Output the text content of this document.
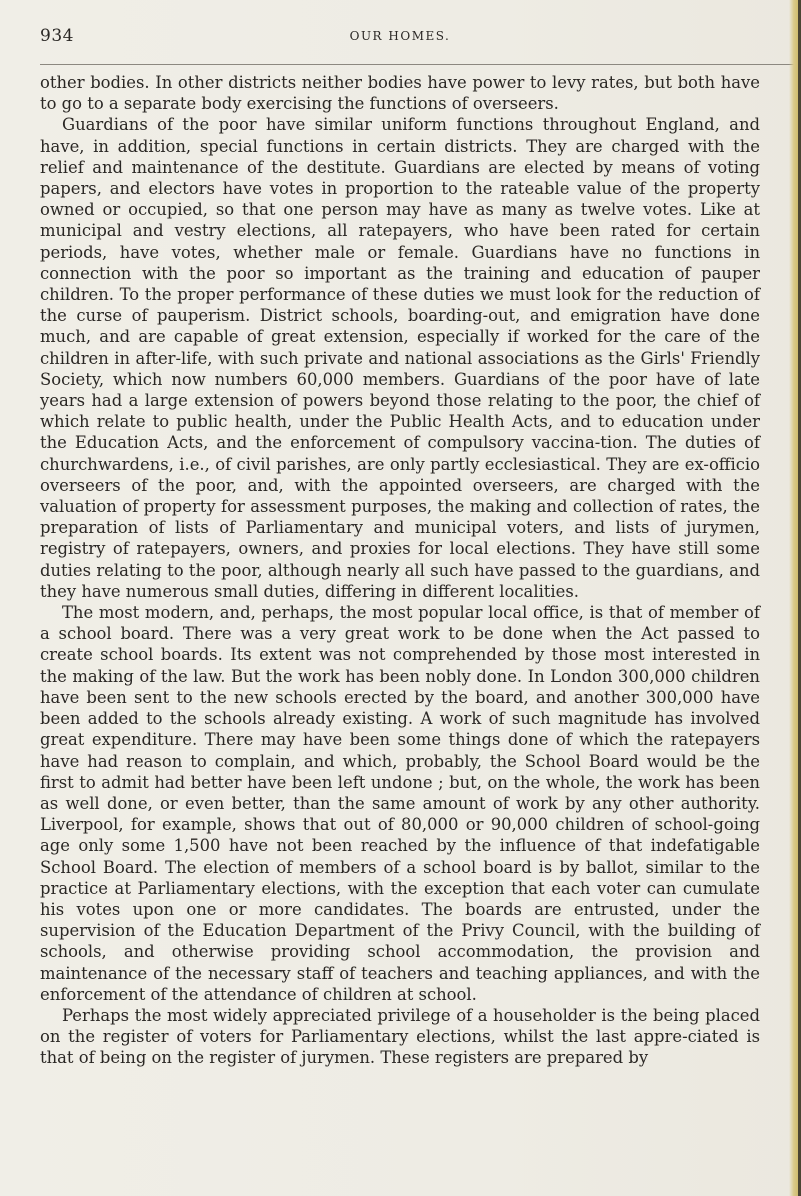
934	OUR HOMES.

other bodies. In other districts neither bodies have power to levy rates, but both have to go to a separate body exercising the functions of overseers.

Guardians of the poor have similar uniform functions throughout England, and have, in addition, special functions in certain districts. They are charged with the relief and maintenance of the destitute. Guardians are elected by means of voting papers, and electors have votes in proportion to the rateable value of the property owned or occupied, so that one person may have as many as twelve votes. Like at municipal and vestry elections, all ratepayers, who have been rated for certain periods, have votes, whether male or female. Guardians have no functions in connection with the poor so important as the training and education of pauper children. To the proper performance of these duties we must look for the reduction of the curse of pauperism. District schools, boarding-out, and emigration have done much, and are capable of great extension, especially if worked for the care of the children in after-life, with such private and national associations as the Girls' Friendly Society, which now numbers 60,000 members. Guardians of the poor have of late years had a large extension of powers beyond those relating to the poor, the chief of which relate to public health, under the Public Health Acts, and to education under the Education Acts, and the enforcement of compulsory vaccina-tion. The duties of churchwardens, i.e., of civil parishes, are only partly ecclesiastical. They are ex-officio overseers of the poor, and, with the appointed overseers, are charged with the valuation of property for assessment purposes, the making and collection of rates, the preparation of lists of Parliamentary and municipal voters, and lists of jurymen, registry of ratepayers, owners, and proxies for local elections. They have still some duties relating to the poor, although nearly all such have passed to the guardians, and they have numerous small duties, differing in different localities.

The most modern, and, perhaps, the most popular local office, is that of member of a school board. There was a very great work to be done when the Act passed to create school boards. Its extent was not comprehended by those most interested in the making of the law. But the work has been nobly done. In London 300,000 children have been sent to the new schools erected by the board, and another 300,000 have been added to the schools already existing. A work of such magnitude has involved great expenditure. There may have been some things done of which the ratepayers have had reason to complain, and which, probably, the School Board would be the first to admit had better have been left undone ; but, on the whole, the work has been as well done, or even better, than the same amount of work by any other authority. Liverpool, for example, shows that out of 80,000 or 90,000 children of school-going age only some 1,500 have not been reached by the influence of that indefatigable School Board. The election of members of a school board is by ballot, similar to the practice at Parliamentary elections, with the exception that each voter can cumulate his votes upon one or more candidates. The boards are entrusted, under the supervision of the Education Department of the Privy Council, with the building of schools, and otherwise providing school accommodation, the provision and maintenance of the necessary staff of teachers and teaching appliances, and with the enforcement of the attendance of children at school.

Perhaps the most widely appreciated privilege of a householder is the being placed on the register of voters for Parliamentary elections, whilst the last appre-ciated is that of being on the register of jurymen. These registers are prepared by
